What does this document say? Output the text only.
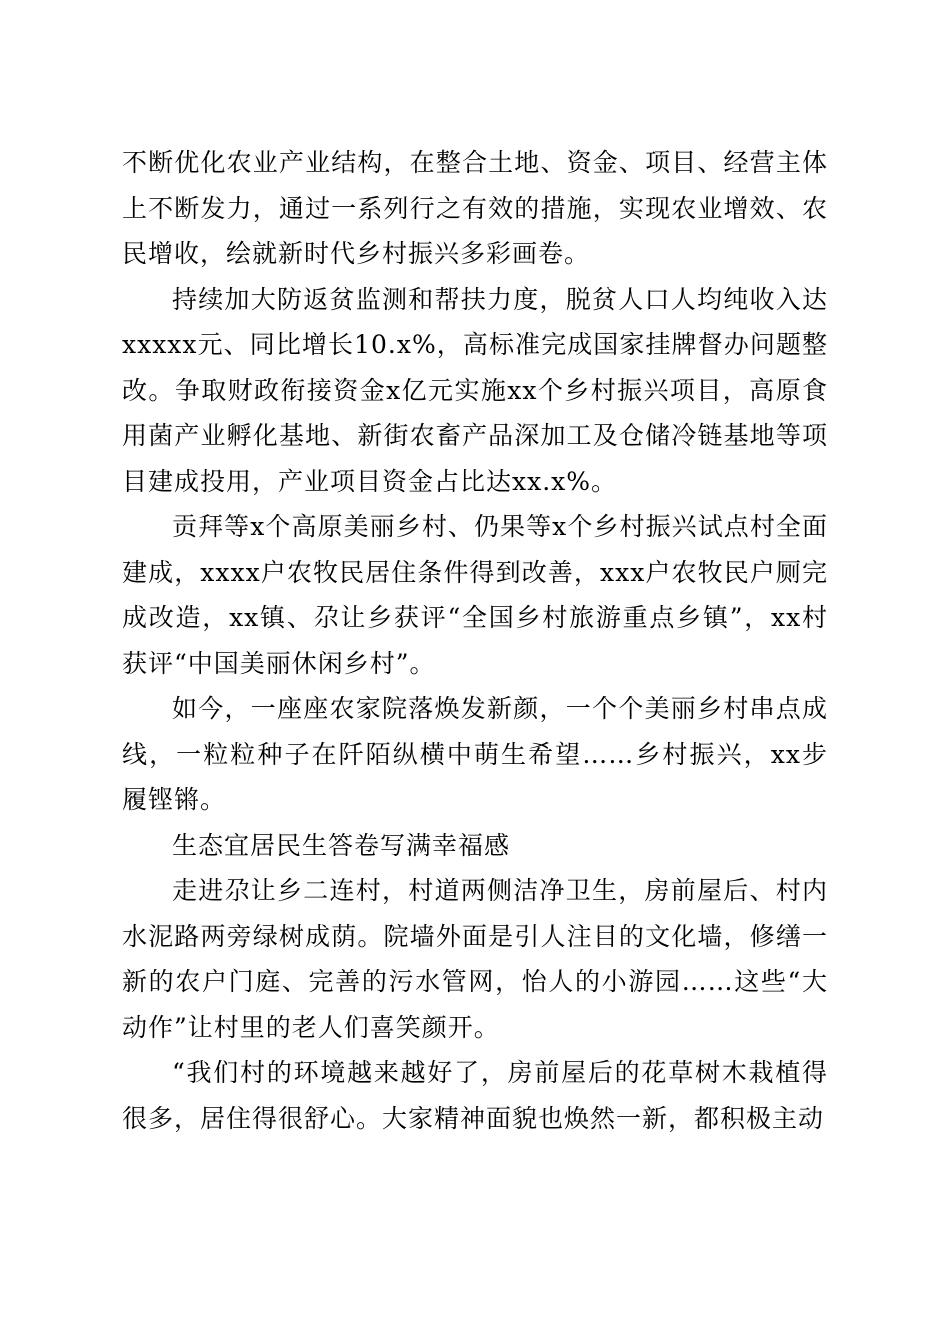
不断优化农业产业结构，在整合土地、资金、项目、经营主体上不断发力，通过一系列行之有效的措施，实现农业增效、农民增收，绘就新时代乡村振兴多彩画卷。

持续加大防返贫监测和帮扶力度，脱贫人口人均纯收入达xxxxx元、同比增长10.x%，高标准完成国家挂牌督办问题整改。争取财政衔接资金x亿元实施xx个乡村振兴项目，高原食用菌产业孵化基地、新街农畜产品深加工及仓储冷链基地等项目建成投用，产业项目资金占比达xx.x%。

贡拜等x个高原美丽乡村、仍果等x个乡村振兴试点村全面建成，xxxx户农牧民居住条件得到改善，xxx户农牧民户厕完成改造，xx镇、尕让乡获评“全国乡村旅游重点乡镇”，xx村获评“中国美丽休闲乡村”。

如今，一座座农家院落焕发新颜，一个个美丽乡村串点成线，一粒粒种子在阡陌纵横中萌生希望……乡村振兴，xx步履铿锵。

生态宜居民生答卷写满幸福感

走进尕让乡二连村，村道两侧洁净卫生，房前屋后、村内水泥路两旁绿树成荫。院墙外面是引人注目的文化墙，修缮一新的农户门庭、完善的污水管网，怡人的小游园……这些“大动作”让村里的老人们喜笑颜开。

“我们村的环境越来越好了，房前屋后的花草树木栽植得很多，居住得很舒心。大家精神面貌也焕然一新，都积极主动
